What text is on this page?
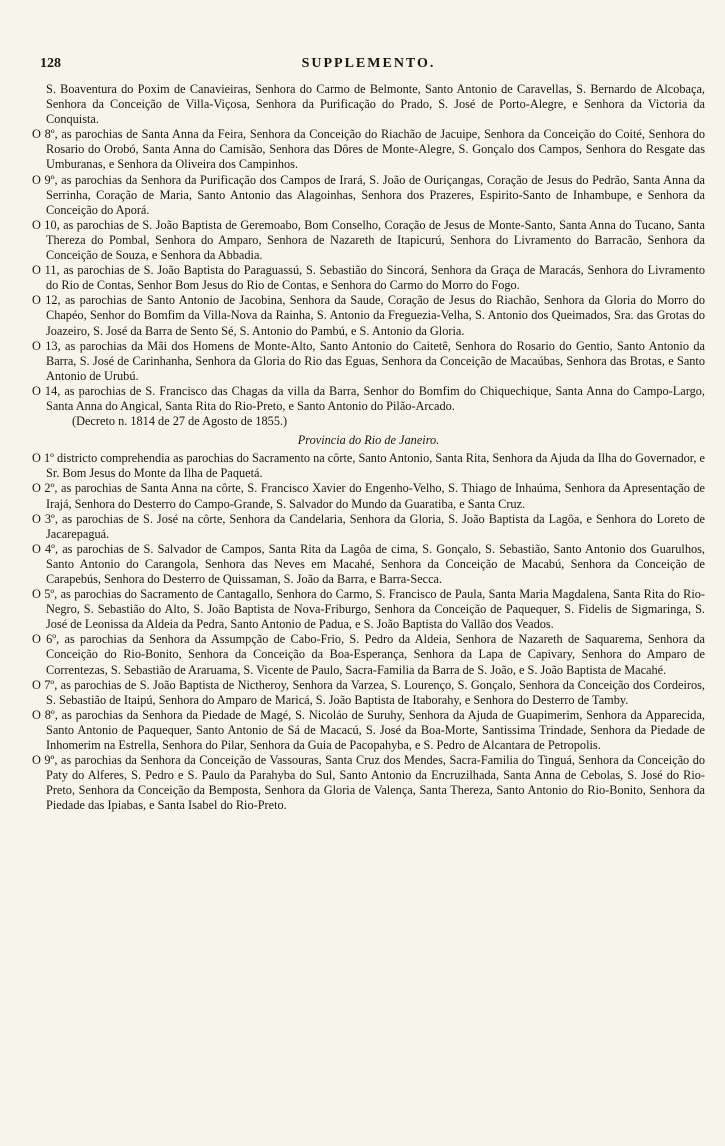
128	SUPPLEMENTO.

S. Boaventura do Poxim de Canavieiras, Senhora do Carmo de Belmonte, Santo Antonio de Caravellas, S. Bernardo de Alcobaça, Senhora da Conceição de Villa-Viçosa, Senhora da Purificação do Prado, S. José de Porto-Alegre, e Senhora da Victoria da Conquista.

O 8º, as parochias de Santa Anna da Feira, Senhora da Conceição do Riachão de Jacuipe, Senhora da Conceição do Coité, Senhora do Rosario do Orobó, Santa Anna do Camisão, Senhora das Dôres de Monte-Alegre, S. Gonçalo dos Campos, Senhora do Resgate das Umburanas, e Senhora da Oliveira dos Campinhos.

O 9º, as parochias da Senhora da Purificação dos Campos de Irará, S. João de Ouriçangas, Coração de Jesus do Pedrão, Santa Anna da Serrinha, Coração de Maria, Santo Antonio das Alagoinhas, Senhora dos Prazeres, Espirito-Santo de Inhambupe, e Senhora da Conceição do Aporá.

O 10, as parochias de S. João Baptista de Geremoabo, Bom Conselho, Coração de Jesus de Monte-Santo, Santa Anna do Tucano, Santa Thereza do Pombal, Senhora do Amparo, Senhora de Nazareth de Itapicurú, Senhora do Livramento do Barracão, Senhora da Conceição de Souza, e Senhora da Abbadia.

O 11, as parochias de S. João Baptista do Paraguassú, S. Sebastião do Sincorá, Senhora da Graça de Maracás, Senhora do Livramento do Rio de Contas, Senhor Bom Jesus do Rio de Contas, e Senhora do Carmo do Morro do Fogo.

O 12, as parochias de Santo Antonio de Jacobina, Senhora da Saude, Coração de Jesus do Riachão, Senhora da Gloria do Morro do Chapéo, Senhor do Bomfim da Villa-Nova da Rainha, S. Antonio da Freguezia-Velha, S. Antonio dos Queimados, Sra. das Grotas do Joazeiro, S. José da Barra de Sento Sé, S. Antonio do Pambú, e S. Antonio da Gloria.

O 13, as parochias da Mãi dos Homens de Monte-Alto, Santo Antonio do Caitetê, Senhora do Rosario do Gentio, Santo Antonio da Barra, S. José de Carinhanha, Senhora da Gloria do Rio das Eguas, Senhora da Conceição de Macaúbas, Senhora das Brotas, e Santo Antonio de Urubú.

O 14, as parochias de S. Francisco das Chagas da villa da Barra, Senhor do Bomfim do Chiquechique, Santa Anna do Campo-Largo, Santa Anna do Angical, Santa Rita do Rio-Preto, e Santo Antonio do Pilão-Arcado.

(Decreto n. 1814 de 27 de Agosto de 1855.)

Provincia do Rio de Janeiro.

O 1º districto comprehendia as parochias do Sacramento na côrte, Santo Antonio, Santa Rita, Senhora da Ajuda da Ilha do Governador, e Sr. Bom Jesus do Monte da Ilha de Paquetá.

O 2º, as parochias de Santa Anna na côrte, S. Francisco Xavier do Engenho-Velho, S. Thiago de Inhaúma, Senhora da Apresentação de Irajá, Senhora do Desterro do Campo-Grande, S. Salvador do Mundo da Guaratiba, e Santa Cruz.

O 3º, as parochias de S. José na côrte, Senhora da Candelaria, Senhora da Gloria, S. João Baptista da Lagôa, e Senhora do Loreto de Jacarepaguá.

O 4º, as parochias de S. Salvador de Campos, Santa Rita da Lagôa de cima, S. Gonçalo, S. Sebastião, Santo Antonio dos Guarulhos, Santo Antonio do Carangola, Senhora das Neves em Macahé, Senhora da Conceição de Macabú, Senhora da Conceição de Carapebús, Senhora do Desterro de Quissaman, S. João da Barra, e Barra-Secca.

O 5º, as parochias do Sacramento de Cantagallo, Senhora do Carmo, S. Francisco de Paula, Santa Maria Magdalena, Santa Rita do Rio-Negro, S. Sebastião do Alto, S. João Baptista de Nova-Friburgo, Senhora da Conceição de Paquequer, S. Fidelis de Sigmaringa, S. José de Leonissa da Aldeia da Pedra, Santo Antonio de Padua, e S. João Baptista do Vallão dos Veados.

O 6º, as parochias da Senhora da Assumpção de Cabo-Frio, S. Pedro da Aldeia, Senhora de Nazareth de Saquarema, Senhora da Conceição do Rio-Bonito, Senhora da Conceição da Boa-Esperança, Senhora da Lapa de Capivary, Senhora do Amparo de Correntezas, S. Sebastião de Araruama, S. Vicente de Paulo, Sacra-Familia da Barra de S. João, e S. João Baptista de Macahé.

O 7º, as parochias de S. João Baptista de Nictheroy, Senhora da Varzea, S. Lourenço, S. Gonçalo, Senhora da Conceição dos Cordeiros, S. Sebastião de Itaipú, Senhora do Amparo de Maricá, S. João Baptista de Itaborahy, e Senhora do Desterro de Tamby.

O 8º, as parochias da Senhora da Piedade de Magé, S. Nicoláo de Suruhy, Senhora da Ajuda de Guapimerim, Senhora da Apparecida, Santo Antonio de Paquequer, Santo Antonio de Sá de Macacú, S. José da Boa-Morte, Santissima Trindade, Senhora da Piedade de Inhomerim na Estrella, Senhora do Pilar, Senhora da Guia de Pacopahyba, e S. Pedro de Alcantara de Petropolis.

O 9º, as parochias da Senhora da Conceição de Vassouras, Santa Cruz dos Mendes, Sacra-Familia do Tinguá, Senhora da Conceição do Paty do Alferes, S. Pedro e S. Paulo da Parahyba do Sul, Santo Antonio da Encruzilhada, Santa Anna de Cebolas, S. José do Rio-Preto, Senhora da Conceição da Bemposta, Senhora da Gloria de Valença, Santa Thereza, Santo Antonio do Rio-Bonito, Senhora da Piedade das Ipiabas, e Santa Isabel do Rio-Preto.
